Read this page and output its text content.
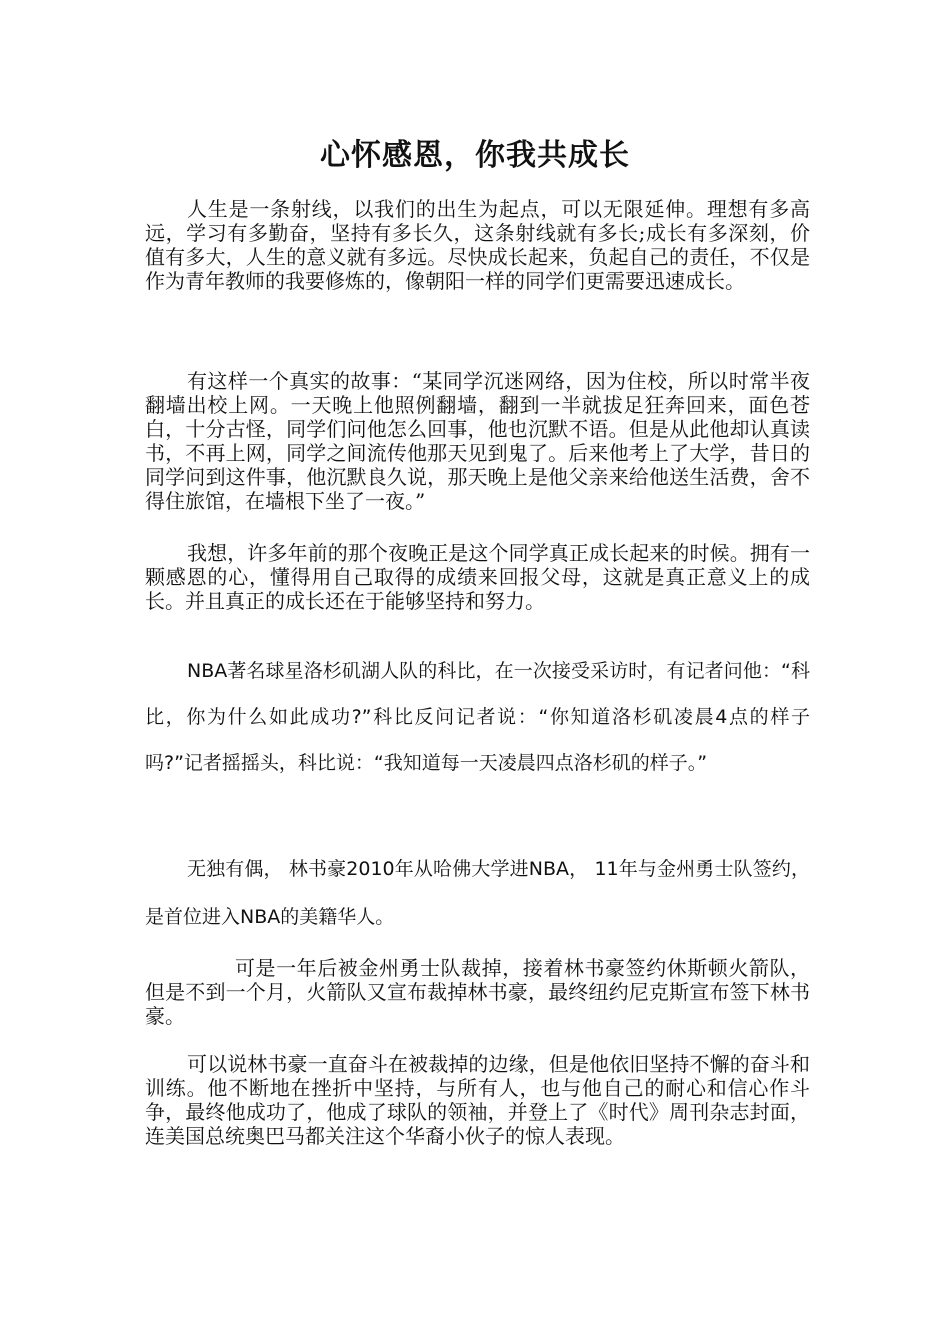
心怀感恩，你我共成长

人生是一条射线，以我们的出生为起点，可以无限延伸。理想有多高远，学习有多勤奋，坚持有多长久，这条射线就有多长;成长有多深刻，价值有多大，人生的意义就有多远。尽快成长起来，负起自己的责任，不仅是作为青年教师的我要修炼的，像朝阳一样的同学们更需要迅速成长。

有这样一个真实的故事：“某同学沉迷网络，因为住校，所以时常半夜翻墙出校上网。一天晚上他照例翻墙，翻到一半就拔足狂奔回来，面色苍白，十分古怪，同学们问他怎么回事，他也沉默不语。但是从此他却认真读书，不再上网，同学之间流传他那天见到鬼了。后来他考上了大学，昔日的同学问到这件事，他沉默良久说，那天晚上是他父亲来给他送生活费，舍不得住旅馆，在墙根下坐了一夜。”

我想，许多年前的那个夜晚正是这个同学真正成长起来的时候。拥有一颗感恩的心，懂得用自己取得的成绩来回报父母，这就是真正意义上的成长。并且真正的成长还在于能够坚持和努力。

NBA著名球星洛杉矶湖人队的科比，在一次接受采访时，有记者问他：“科比，你为什么如此成功?”科比反问记者说：“你知道洛杉矶凌晨4点的样子吗?”记者摇摇头，科比说：“我知道每一天凌晨四点洛杉矶的样子。”

无独有偶， 林书豪2010年从哈佛大学进NBA， 11年与金州勇士队签约，是首位进入NBA的美籍华人。

可是一年后被金州勇士队裁掉，接着林书豪签约休斯顿火箭队，但是不到一个月，火箭队又宣布裁掉林书豪，最终纽约尼克斯宣布签下林书豪。

可以说林书豪一直奋斗在被裁掉的边缘，但是他依旧坚持不懈的奋斗和训练。他不断地在挫折中坚持，与所有人，也与他自己的耐心和信心作斗争，最终他成功了，他成了球队的领袖，并登上了《时代》周刊杂志封面，连美国总统奥巴马都关注这个华裔小伙子的惊人表现。
